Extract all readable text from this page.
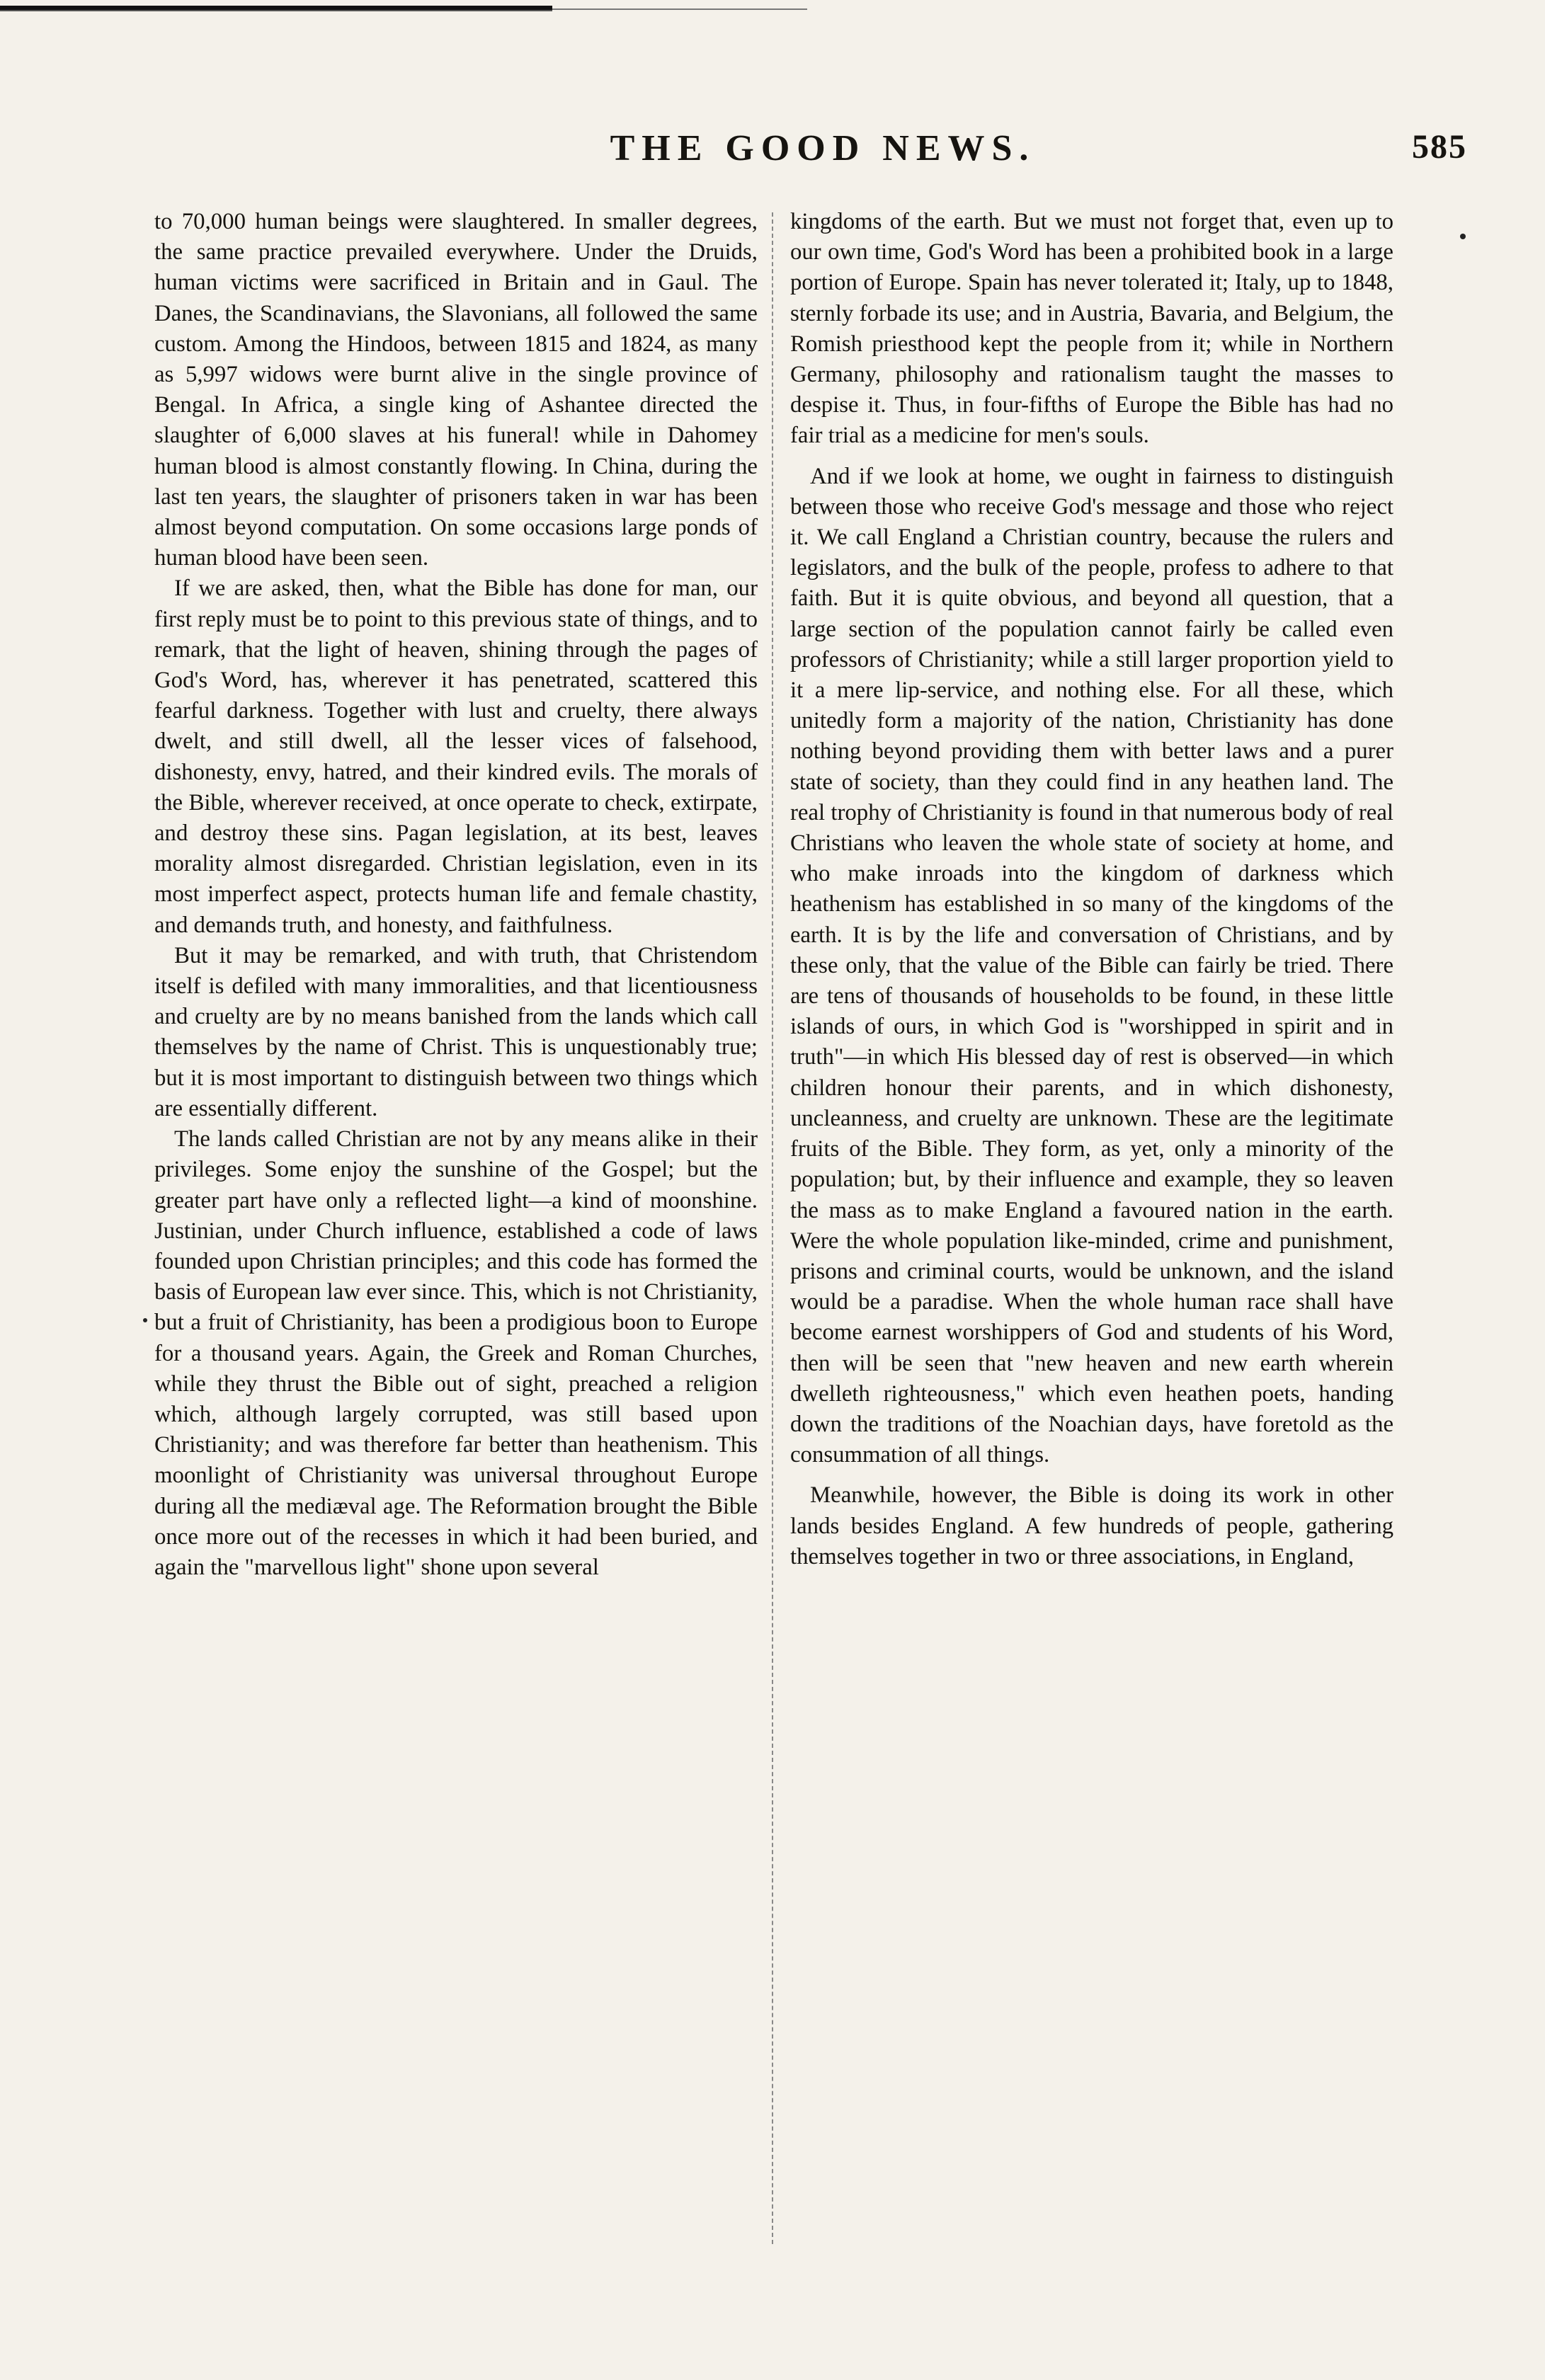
THE GOOD NEWS.	585

to 70,000 human beings were slaughtered. In smaller degrees, the same practice prevailed everywhere. Under the Druids, human victims were sacrificed in Britain and in Gaul. The Danes, the Scandinavians, the Slavonians, all followed the same custom. Among the Hindoos, between 1815 and 1824, as many as 5,997 widows were burnt alive in the single province of Bengal. In Africa, a single king of Ashantee directed the slaughter of 6,000 slaves at his funeral! while in Dahomey human blood is almost constantly flowing. In China, during the last ten years, the slaughter of prisoners taken in war has been almost beyond computation. On some occasions large ponds of human blood have been seen.

If we are asked, then, what the Bible has done for man, our first reply must be to point to this previous state of things, and to remark, that the light of heaven, shining through the pages of God's Word, has, wherever it has penetrated, scattered this fearful darkness. Together with lust and cruelty, there always dwelt, and still dwell, all the lesser vices of falsehood, dishonesty, envy, hatred, and their kindred evils. The morals of the Bible, wherever received, at once operate to check, extirpate, and destroy these sins. Pagan legislation, at its best, leaves morality almost disregarded. Christian legislation, even in its most imperfect aspect, protects human life and female chastity, and demands truth, and honesty, and faithfulness.

But it may be remarked, and with truth, that Christendom itself is defiled with many immoralities, and that licentiousness and cruelty are by no means banished from the lands which call themselves by the name of Christ. This is unquestionably true; but it is most important to distinguish between two things which are essentially different.

The lands called Christian are not by any means alike in their privileges. Some enjoy the sunshine of the Gospel; but the greater part have only a reflected light—a kind of moonshine. Justinian, under Church influence, established a code of laws founded upon Christian principles; and this code has formed the basis of European law ever since. This, which is not Christianity, but a fruit of Christianity, has been a prodigious boon to Europe for a thousand years. Again, the Greek and Roman Churches, while they thrust the Bible out of sight, preached a religion which, although largely corrupted, was still based upon Christianity; and was therefore far better than heathenism. This moonlight of Christianity was universal throughout Europe during all the mediæval age. The Reformation brought the Bible once more out of the recesses in which it had been buried, and again the "marvellous light" shone upon several

kingdoms of the earth. But we must not forget that, even up to our own time, God's Word has been a prohibited book in a large portion of Europe. Spain has never tolerated it; Italy, up to 1848, sternly forbade its use; and in Austria, Bavaria, and Belgium, the Romish priesthood kept the people from it; while in Northern Germany, philosophy and rationalism taught the masses to despise it. Thus, in four-fifths of Europe the Bible has had no fair trial as a medicine for men's souls.

And if we look at home, we ought in fairness to distinguish between those who receive God's message and those who reject it. We call England a Christian country, because the rulers and legislators, and the bulk of the people, profess to adhere to that faith. But it is quite obvious, and beyond all question, that a large section of the population cannot fairly be called even professors of Christianity; while a still larger proportion yield to it a mere lip-service, and nothing else. For all these, which unitedly form a majority of the nation, Christianity has done nothing beyond providing them with better laws and a purer state of society, than they could find in any heathen land. The real trophy of Christianity is found in that numerous body of real Christians who leaven the whole state of society at home, and who make inroads into the kingdom of darkness which heathenism has established in so many of the kingdoms of the earth. It is by the life and conversation of Christians, and by these only, that the value of the Bible can fairly be tried. There are tens of thousands of households to be found, in these little islands of ours, in which God is "worshipped in spirit and in truth"—in which His blessed day of rest is observed—in which children honour their parents, and in which dishonesty, uncleanness, and cruelty are unknown. These are the legitimate fruits of the Bible. They form, as yet, only a minority of the population; but, by their influence and example, they so leaven the mass as to make England a favoured nation in the earth. Were the whole population like-minded, crime and punishment, prisons and criminal courts, would be unknown, and the island would be a paradise. When the whole human race shall have become earnest worshippers of God and students of his Word, then will be seen that "new heaven and new earth wherein dwelleth righteousness," which even heathen poets, handing down the traditions of the Noachian days, have foretold as the consummation of all things.

Meanwhile, however, the Bible is doing its work in other lands besides England. A few hundreds of people, gathering themselves together in two or three associations, in England,
